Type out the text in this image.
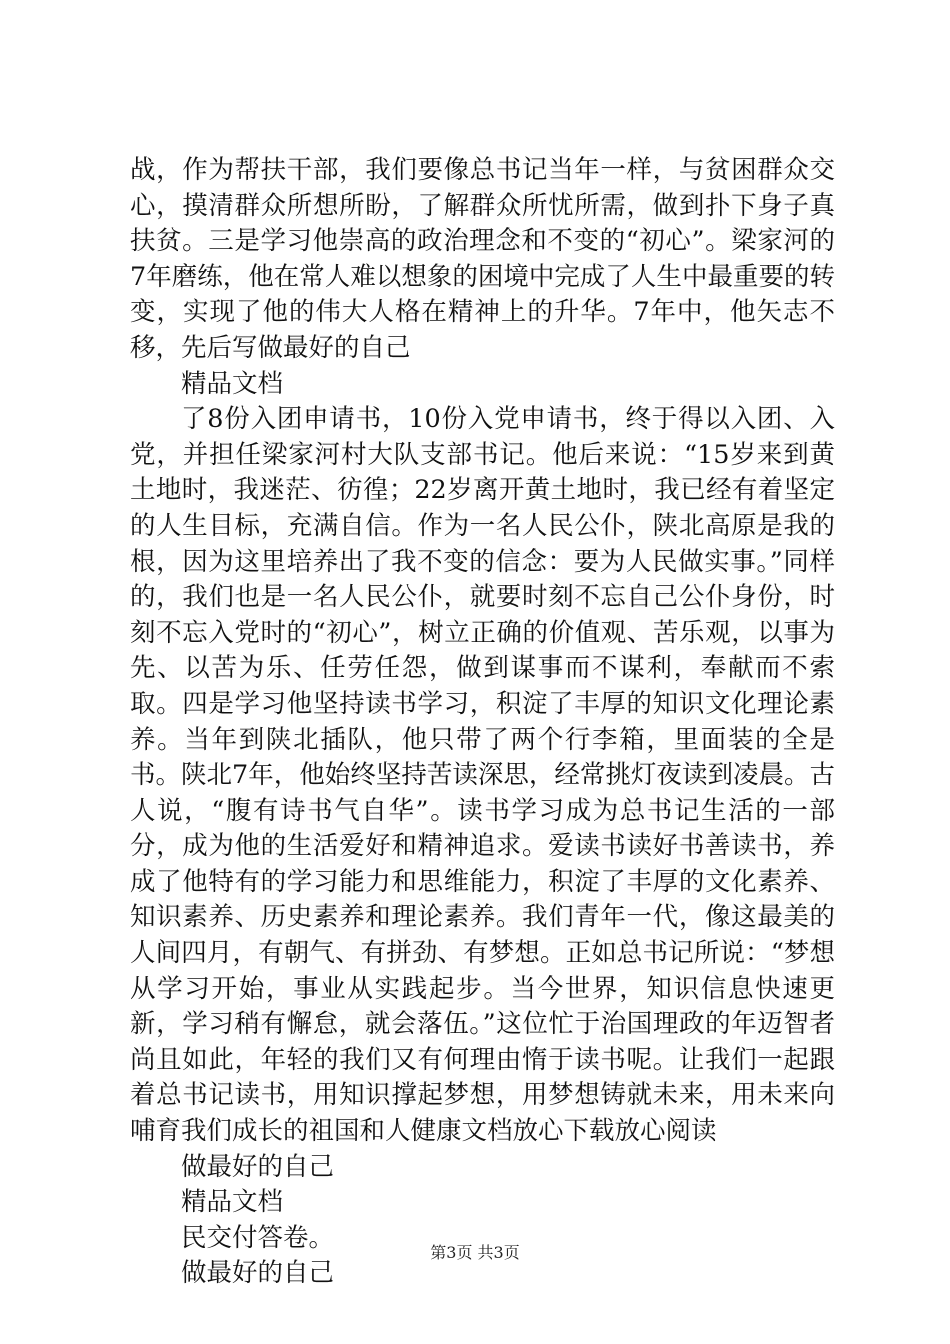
战，作为帮扶干部，我们要像总书记当年一样，与贫困群众交心，摸清群众所想所盼，了解群众所忧所需，做到扑下身子真扶贫。三是学习他崇高的政治理念和不变的“初心”。梁家河的7年磨练，他在常人难以想象的困境中完成了人生中最重要的转变，实现了他的伟大人格在精神上的升华。7年中，他矢志不移，先后写做最好的自己

精品文档

了8份入团申请书，10份入党申请书，终于得以入团、入党，并担任梁家河村大队支部书记。他后来说：“15岁来到黄土地时，我迷茫、彷徨；22岁离开黄土地时，我已经有着坚定的人生目标，充满自信。作为一名人民公仆，陕北高原是我的根，因为这里培养出了我不变的信念：要为人民做实事。”同样的，我们也是一名人民公仆，就要时刻不忘自己公仆身份，时刻不忘入党时的“初心”，树立正确的价值观、苦乐观，以事为先、以苦为乐、任劳任怨，做到谋事而不谋利，奉献而不索取。四是学习他坚持读书学习，积淀了丰厚的知识文化理论素养。当年到陕北插队，他只带了两个行李箱，里面装的全是书。陕北7年，他始终坚持苦读深思，经常挑灯夜读到凌晨。古人说，“腹有诗书气自华”。读书学习成为总书记生活的一部分，成为他的生活爱好和精神追求。爱读书读好书善读书，养成了他特有的学习能力和思维能力，积淀了丰厚的文化素养、知识素养、历史素养和理论素养。我们青年一代，像这最美的人间四月，有朝气、有拼劲、有梦想。正如总书记所说：“梦想从学习开始，事业从实践起步。当今世界，知识信息快速更新，学习稍有懈怠，就会落伍。”这位忙于治国理政的年迈智者尚且如此，年轻的我们又有何理由惰于读书呢。让我们一起跟着总书记读书，用知识撑起梦想，用梦想铸就未来，用未来向哺育我们成长的祖国和人健康文档放心下载放心阅读

做最好的自己

精品文档

民交付答卷。

做最好的自己

第3页 共3页
